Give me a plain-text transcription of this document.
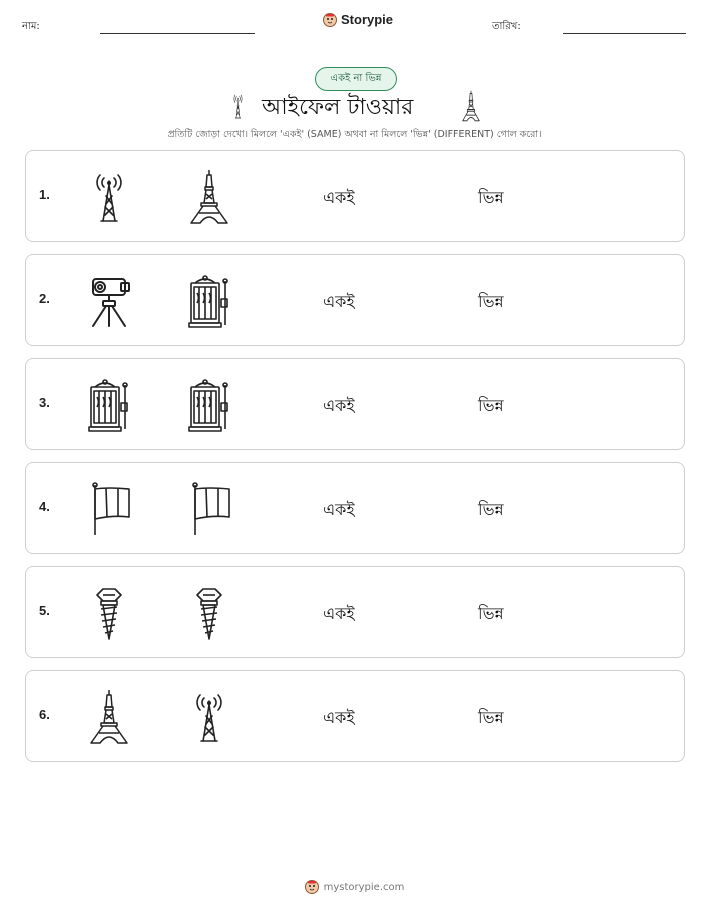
নাম:	Storypie	তারিখ:
একই না ভিন্ন
আইফেল টাওয়ার
প্রতিটি জোড়া দেখো। মিললে 'একই' (SAME) অথবা না মিললে 'ভিন্ন' (DIFFERENT) গোল করো।
1.	একই	ভিন্ন
2.	একই	ভিন্ন
3.	একই	ভিন্ন
4.	একই	ভিন্ন
5.	একই	ভিন্ন
6.	একই	ভিন্ন
mystorypie.com
